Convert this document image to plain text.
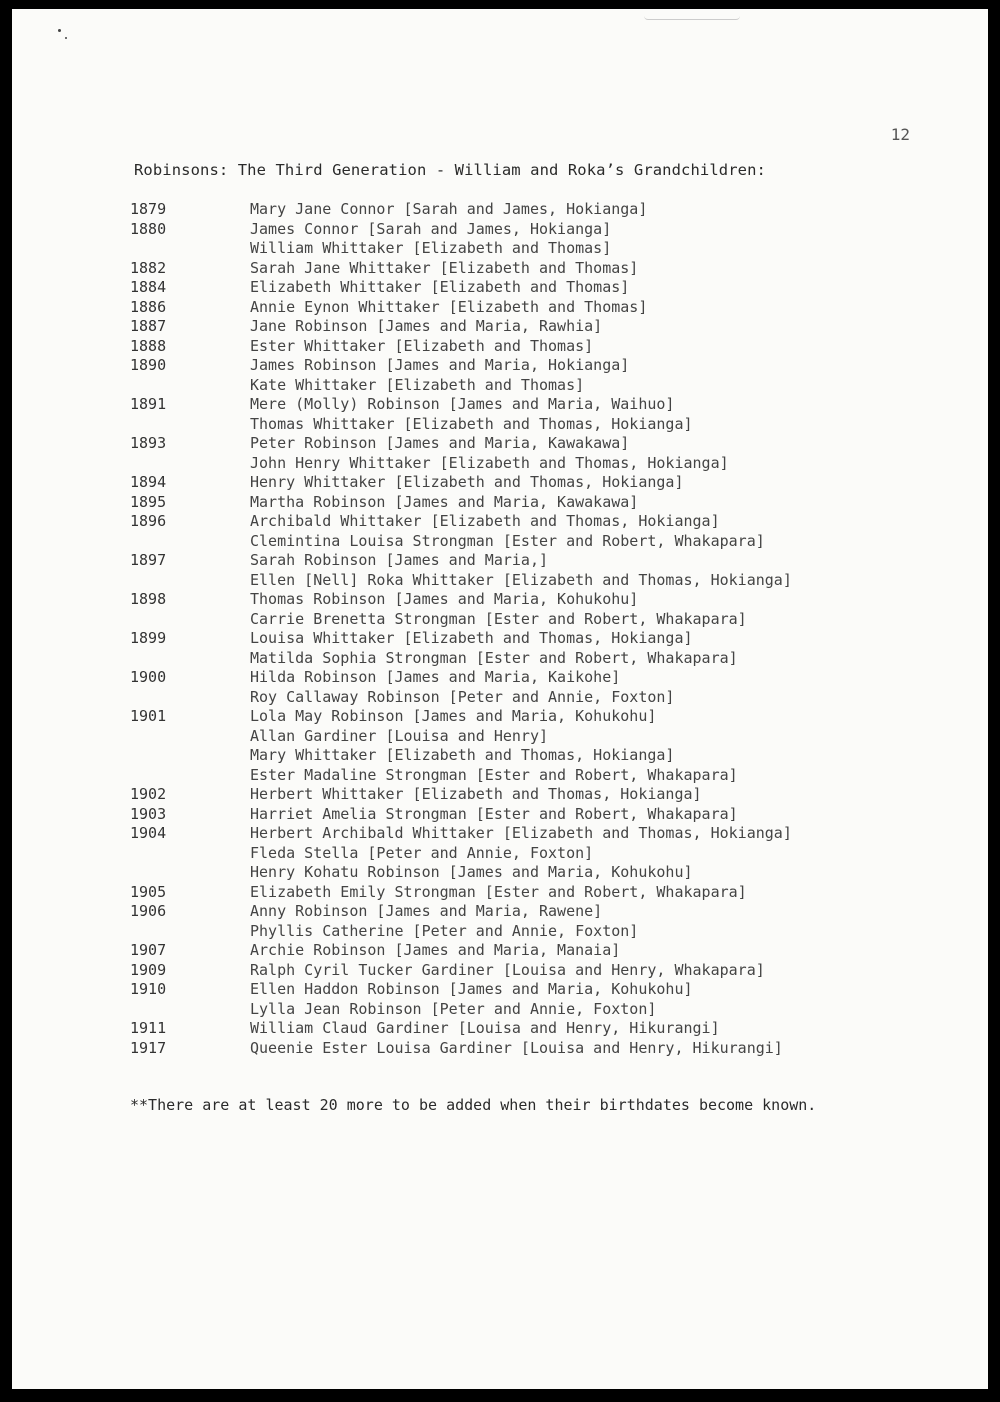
12
Robinsons: The Third Generation - William and Roka’s Grandchildren:
1879	Mary Jane Connor [Sarah and James, Hokianga]
1880	James Connor [Sarah and James, Hokianga]
William Whittaker [Elizabeth and Thomas]
1882	Sarah Jane Whittaker [Elizabeth and Thomas]
1884	Elizabeth Whittaker [Elizabeth and Thomas]
1886	Annie Eynon Whittaker [Elizabeth and Thomas]
1887	Jane Robinson [James and Maria, Rawhia]
1888	Ester Whittaker [Elizabeth and Thomas]
1890	James Robinson [James and Maria, Hokianga]
Kate Whittaker [Elizabeth and Thomas]
1891	Mere (Molly) Robinson [James and Maria, Waihuo]
Thomas Whittaker [Elizabeth and Thomas, Hokianga]
1893	Peter Robinson [James and Maria, Kawakawa]
John Henry Whittaker [Elizabeth and Thomas, Hokianga]
1894	Henry Whittaker [Elizabeth and Thomas, Hokianga]
1895	Martha Robinson [James and Maria, Kawakawa]
1896	Archibald Whittaker [Elizabeth and Thomas, Hokianga]
Clemintina Louisa Strongman [Ester and Robert, Whakapara]
1897	Sarah Robinson [James and Maria,]
Ellen [Nell] Roka Whittaker [Elizabeth and Thomas, Hokianga]
1898	Thomas Robinson [James and Maria, Kohukohu]
Carrie Brenetta Strongman [Ester and Robert, Whakapara]
1899	Louisa Whittaker [Elizabeth and Thomas, Hokianga]
Matilda Sophia Strongman [Ester and Robert, Whakapara]
1900	Hilda Robinson [James and Maria, Kaikohe]
Roy Callaway Robinson [Peter and Annie, Foxton]
1901	Lola May Robinson [James and Maria, Kohukohu]
Allan Gardiner [Louisa and Henry]
Mary Whittaker [Elizabeth and Thomas, Hokianga]
Ester Madaline Strongman [Ester and Robert, Whakapara]
1902	Herbert Whittaker [Elizabeth and Thomas, Hokianga]
1903	Harriet Amelia Strongman [Ester and Robert, Whakapara]
1904	Herbert Archibald Whittaker [Elizabeth and Thomas, Hokianga]
Fleda Stella [Peter and Annie, Foxton]
Henry Kohatu Robinson [James and Maria, Kohukohu]
1905	Elizabeth Emily Strongman [Ester and Robert, Whakapara]
1906	Anny Robinson [James and Maria, Rawene]
Phyllis Catherine [Peter and Annie, Foxton]
1907	Archie Robinson [James and Maria, Manaia]
1909	Ralph Cyril Tucker Gardiner [Louisa and Henry, Whakapara]
1910	Ellen Haddon Robinson [James and Maria, Kohukohu]
Lylla Jean Robinson [Peter and Annie, Foxton]
1911	William Claud Gardiner [Louisa and Henry, Hikurangi]
1917	Queenie Ester Louisa Gardiner [Louisa and Henry, Hikurangi]
**There are at least 20 more to be added when their birthdates become known.
